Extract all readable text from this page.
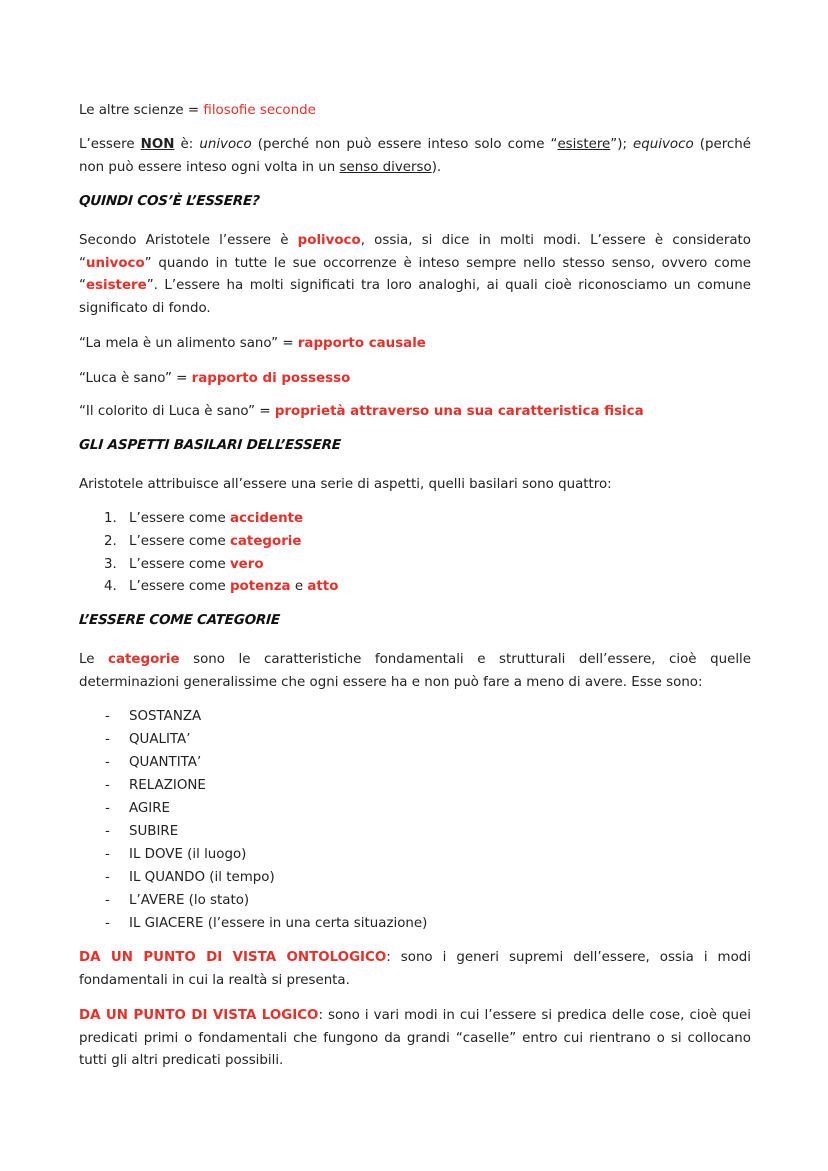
Le altre scienze = filosofie seconde
L’essere NON è: univoco (perché non può essere inteso solo come “esistere”); equivoco (perché non può essere inteso ogni volta in un senso diverso).
QUINDI COS’È L’ESSERE?
Secondo Aristotele l’essere è polivoco, ossia, si dice in molti modi. L’essere è considerato “univoco” quando in tutte le sue occorrenze è inteso sempre nello stesso senso, ovvero come “esistere”. L’essere ha molti significati tra loro analoghi, ai quali cioè riconosciamo un comune significato di fondo.
“La mela è un alimento sano” = rapporto causale
“Luca è sano” = rapporto di possesso
“Il colorito di Luca è sano” = proprietà attraverso una sua caratteristica fisica
GLI ASPETTI BASILARI DELL’ESSERE
Aristotele attribuisce all’essere una serie di aspetti, quelli basilari sono quattro:
1. L’essere come accidente
2. L’essere come categorie
3. L’essere come vero
4. L’essere come potenza e atto
L’ESSERE COME CATEGORIE
Le categorie sono le caratteristiche fondamentali e strutturali dell’essere, cioè quelle determinazioni generalissime che ogni essere ha e non può fare a meno di avere. Esse sono:
- SOSTANZA
- QUALITA’
- QUANTITA’
- RELAZIONE
- AGIRE
- SUBIRE
- IL DOVE (il luogo)
- IL QUANDO (il tempo)
- L’AVERE (lo stato)
- IL GIACERE (l’essere in una certa situazione)
DA UN PUNTO DI VISTA ONTOLOGICO: sono i generi supremi dell’essere, ossia i modi fondamentali in cui la realtà si presenta.
DA UN PUNTO DI VISTA LOGICO: sono i vari modi in cui l’essere si predica delle cose, cioè quei predicati primi o fondamentali che fungono da grandi “caselle” entro cui rientrano o si collocano tutti gli altri predicati possibili.
